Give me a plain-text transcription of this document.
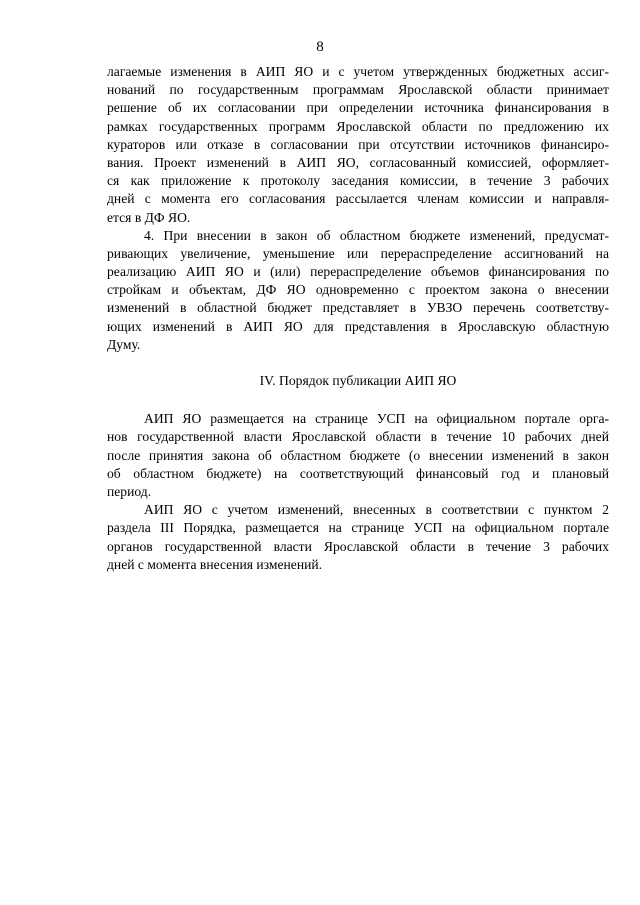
8
лагаемые изменения в АИП ЯО и с учетом утвержденных бюджетных ассиг-
нований по государственным программам Ярославской области принимает
решение об их согласовании при определении источника финансирования в
рамках государственных программ Ярославской области по предложению их
кураторов или отказе в согласовании при отсутствии источников финансиро-
вания. Проект изменений в АИП ЯО, согласованный комиссией, оформляет-
ся как приложение к протоколу заседания комиссии, в течение 3 рабочих
дней с момента его согласования рассылается членам комиссии и направля-
ется в ДФ ЯО.
4. При внесении в закон об областном бюджете изменений, предусмат-
ривающих увеличение, уменьшение или перераспределение ассигнований на
реализацию АИП ЯО и (или) перераспределение объемов финансирования по
стройкам и объектам, ДФ ЯО одновременно с проектом закона о внесении
изменений в областной бюджет представляет в УВЗО перечень соответству-
ющих изменений в АИП ЯО для представления в Ярославскую областную
Думу.
IV. Порядок публикации АИП ЯО
АИП ЯО размещается на странице УСП на официальном портале орга-
нов государственной власти Ярославской области в течение 10 рабочих дней
после принятия закона об областном бюджете (о внесении изменений в закон
об областном бюджете) на соответствующий финансовый год и плановый
период.
АИП ЯО с учетом изменений, внесенных в соответствии с пунктом 2
раздела III Порядка, размещается на странице УСП на официальном портале
органов государственной власти Ярославской области в течение 3 рабочих
дней с момента внесения изменений.
